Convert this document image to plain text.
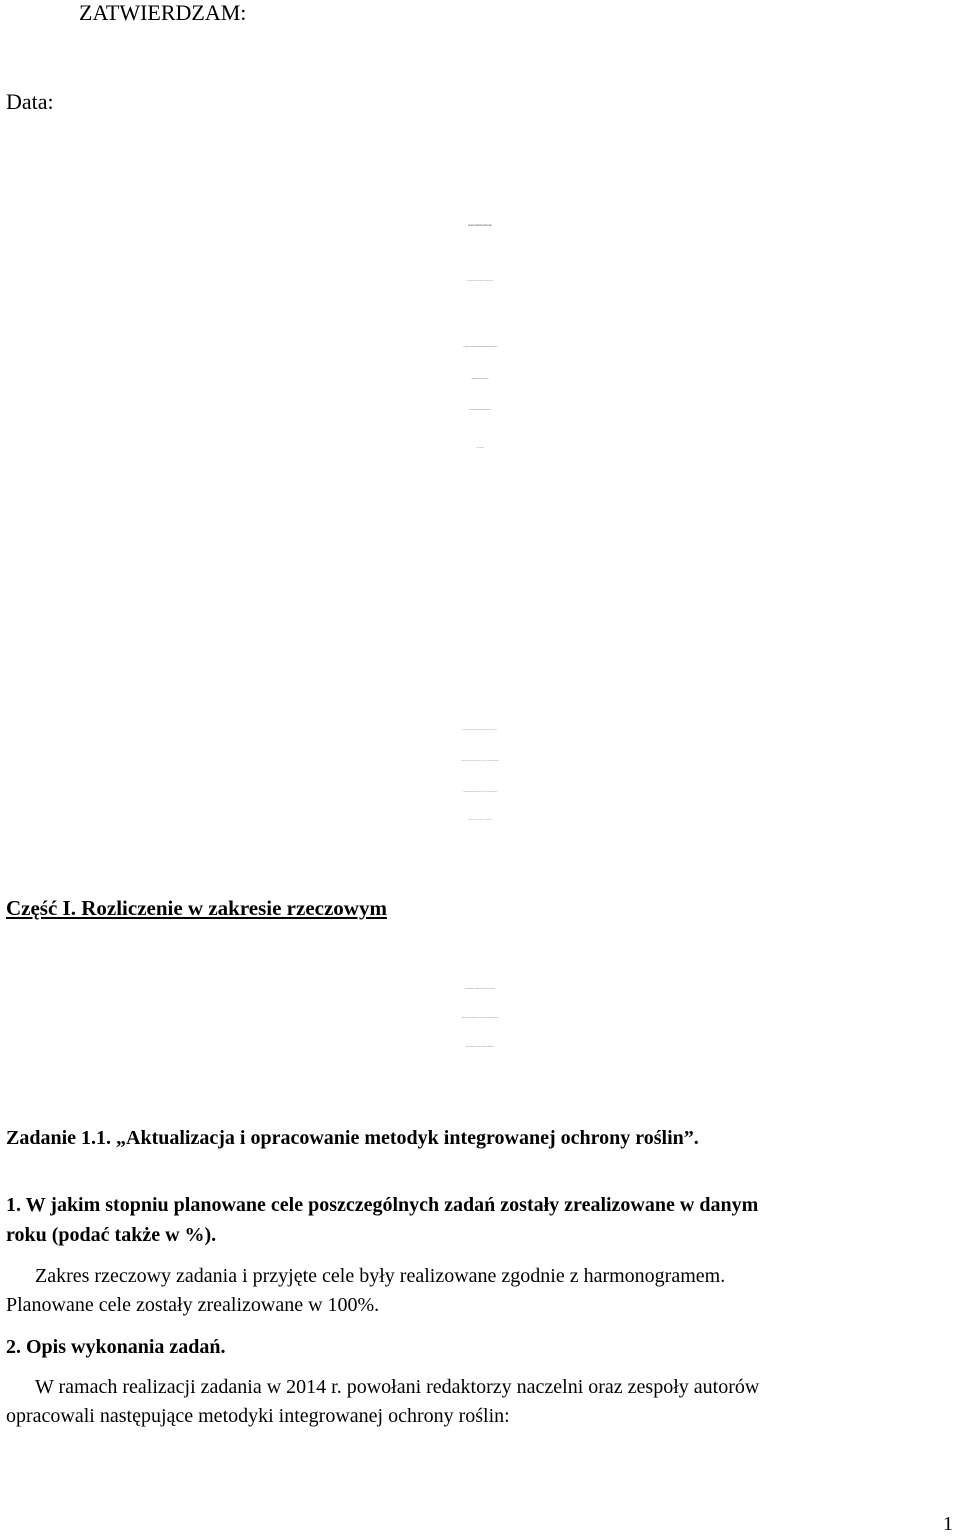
ZATWIERDZAM:
Data:
ROZLICZENIE KOŃCOWE
z wykonania zadań i wykorzystania dotacji na program wieloletni
pn. „Ochrona roślin uprawnych z uwzględnieniem bezpieczeństwa żywności oraz
ograniczenia strat w plonach i zagrożeń
dla zdrowia ludzi, zwierząt domowych i środowiska”
(nazwa programu)
Ministrem Rolnictwa i Rozwoju Wsi reprezentowanym przez Panią Krystynę Gurbiel -
Podsekretarza Stanu w Ministerstwie Rolnictwa i Rozwoju Wsi, a Instytutem Ochrony Roślin
– Państwowym Instytutem Badawczym z siedzibą w Poznaniu, reprezentowanym przez
Panią prof. dr hab. Danutę Sosnowską – Dyrektor Instytutu.
Część I. Rozliczenie w zakresie rzeczowym
Obszar tematyczny 1.: INTEGROWANA OCHRONA ROŚLIN ORAZ
OGRANICZANIE ZAGROŻEŃ ZWIĄZANYCH ZE STOSOWANIEM ŚRODKÓW
OCHRONY ROŚLIN DLA LUDZI, ZWIERZĄT I ŚRODOWISKA.
Zadanie 1.1. „Aktualizacja i opracowanie metodyk integrowanej ochrony roślin”.
1. W jakim stopniu planowane cele poszczególnych zadań zostały zrealizowane w danym
roku (podać także w %).
Zakres rzeczowy zadania i przyjęte cele były realizowane zgodnie z harmonogramem.
Planowane cele zostały zrealizowane w 100%.
2. Opis wykonania zadań.
W ramach realizacji zadania w 2014 r. powołani redaktorzy naczelni oraz zespoły autorów
opracowali następujące metodyki integrowanej ochrony roślin:
1
